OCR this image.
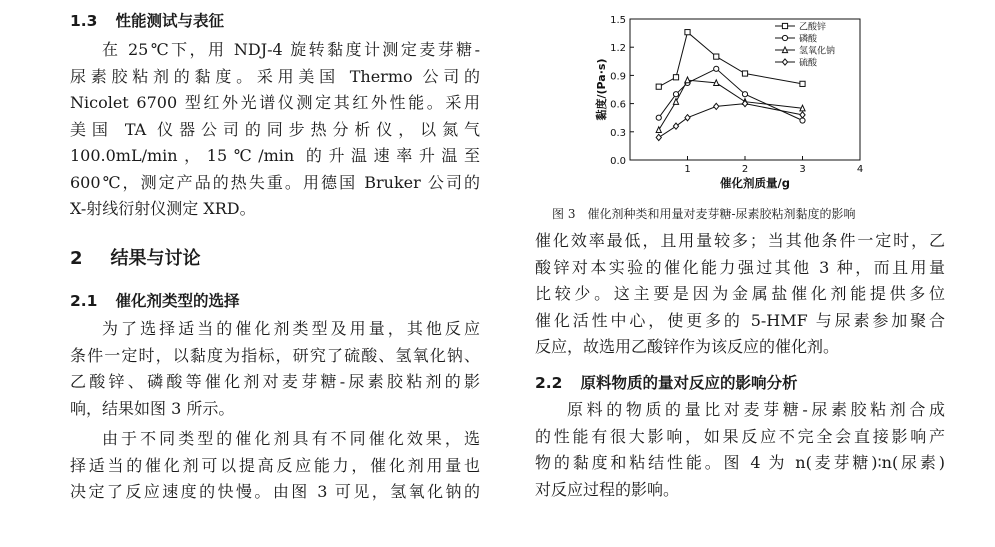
1.3 性能测试与表征
在 25℃下，用 NDJ-4 旋转黏度计测定麦芽糖-
尿素胶粘剂的黏度。采用美国 Thermo 公司的
Nicolet 6700 型红外光谱仪测定其红外性能。采用
美国 TA 仪器公司的同步热分析仪，以氮气
100.0mL/min，15℃/min 的升温速率升温至
600℃，测定产品的热失重。用德国 Bruker 公司的
X-射线衍射仪测定 XRD。
2 结果与讨论
2.1 催化剂类型的选择
为了选择适当的催化剂类型及用量，其他反应
条件一定时，以黏度为指标，研究了硫酸、氢氧化钠、
乙酸锌、磷酸等催化剂对麦芽糖-尿素胶粘剂的影
响，结果如图 3 所示。
由于不同类型的催化剂具有不同催化效果，选
择适当的催化剂可以提高反应能力，催化剂用量也
决定了反应速度的快慢。由图 3 可见，氢氧化钠的
催化剂质量/g
黏度/(Pa·s)
0.0
0.3
0.6
0.9
1.2
1.5
1	2	3	4
乙酸锌
磷酸
氢氧化钠
硫酸
图 3　催化剂种类和用量对麦芽糖-尿素胶粘剂黏度的影响
催化效率最低，且用量较多；当其他条件一定时，乙
酸锌对本实验的催化能力强过其他 3 种，而且用量
比较少。这主要是因为金属盐催化剂能提供多位
催化活性中心，使更多的 5-HMF 与尿素参加聚合
反应，故选用乙酸锌作为该反应的催化剂。
2.2 原料物质的量对反应的影响分析
原料的物质的量比对麦芽糖-尿素胶粘剂合成
的性能有很大影响，如果反应不完全会直接影响产
物的黏度和粘结性能。图 4 为 n(麦芽糖)∶n(尿素)
对反应过程的影响。
